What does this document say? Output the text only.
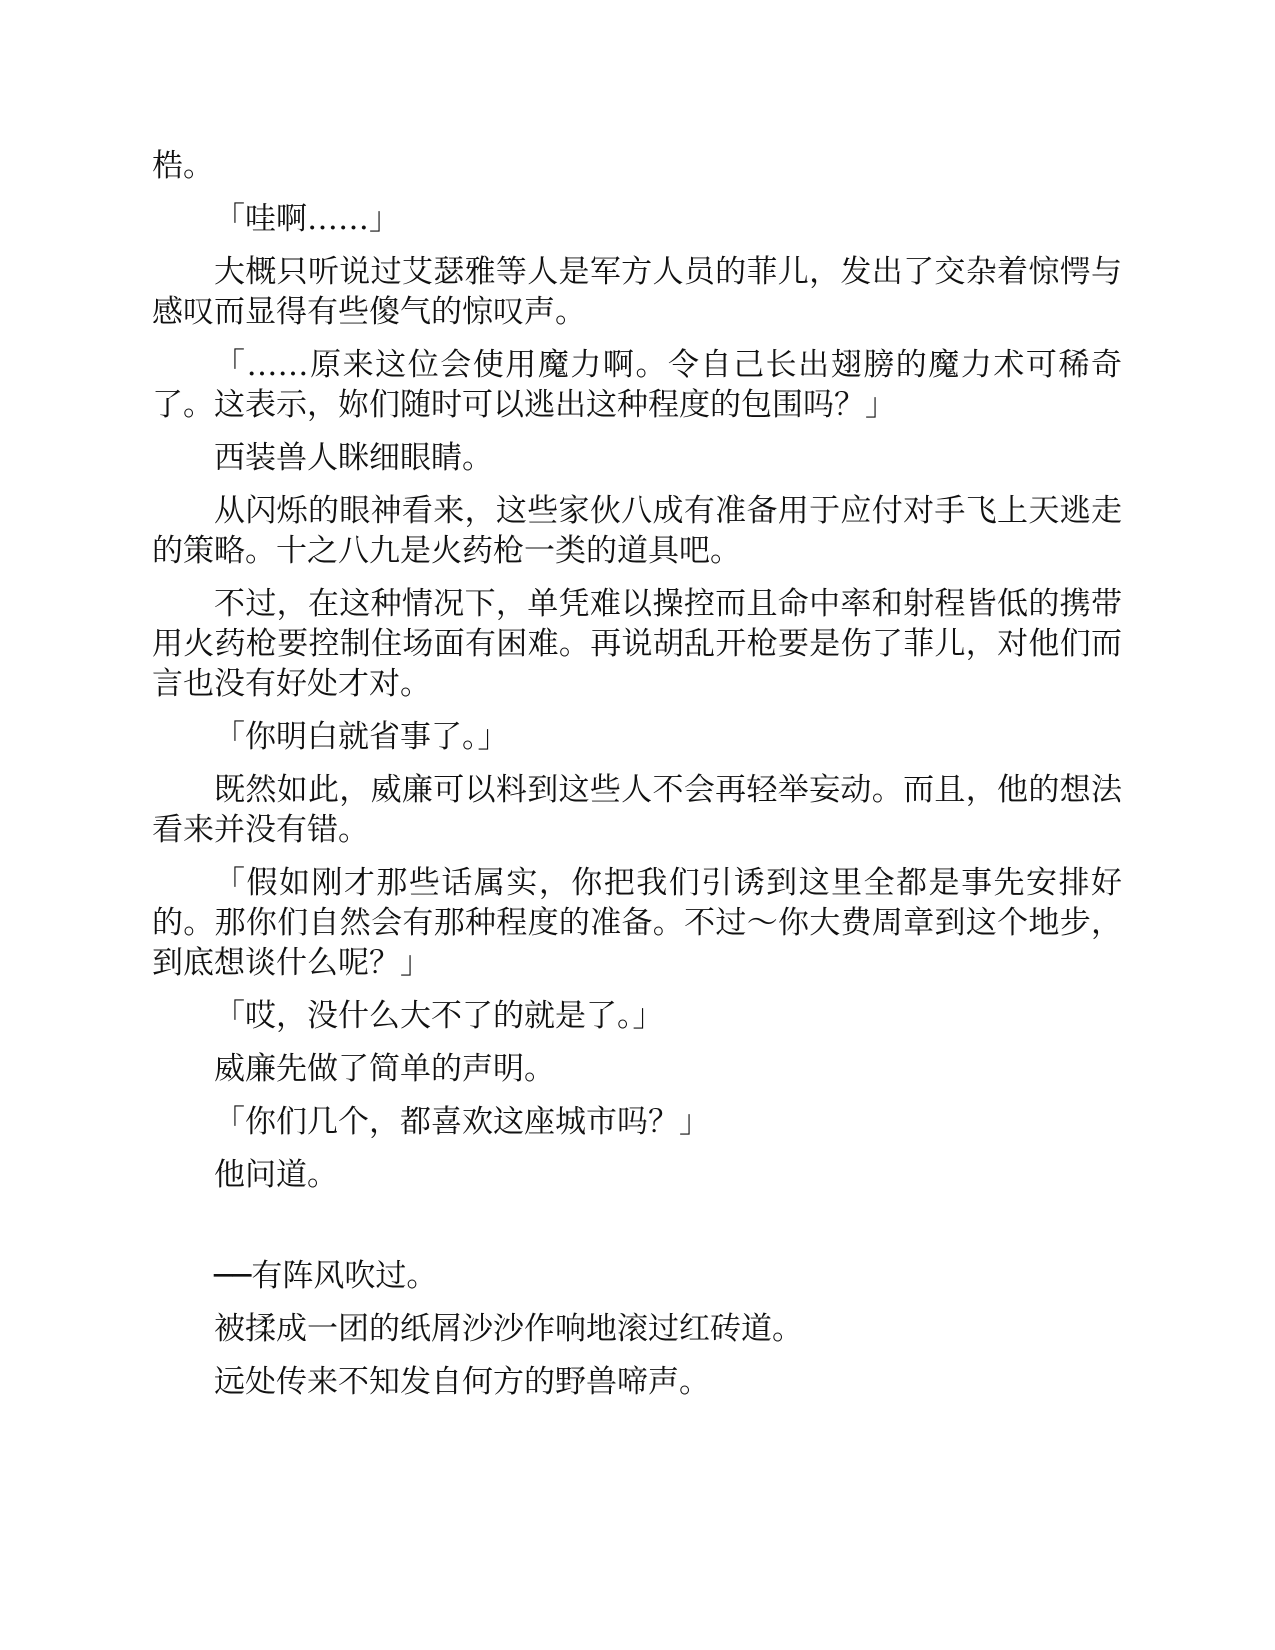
梏。

「哇啊……」

大概只听说过艾瑟雅等人是军方人员的菲儿，发出了交杂着惊愕与感叹而显得有些傻气的惊叹声。

「……原来这位会使用魔力啊。令自己长出翅膀的魔力术可稀奇了。这表示，妳们随时可以逃出这种程度的包围吗？」

西装兽人眯细眼睛。

从闪烁的眼神看来，这些家伙八成有准备用于应付对手飞上天逃走的策略。十之八九是火药枪一类的道具吧。

不过，在这种情况下，单凭难以操控而且命中率和射程皆低的携带用火药枪要控制住场面有困难。再说胡乱开枪要是伤了菲儿，对他们而言也没有好处才对。

「你明白就省事了。」

既然如此，威廉可以料到这些人不会再轻举妄动。而且，他的想法看来并没有错。

「假如刚才那些话属实，你把我们引诱到这里全都是事先安排好的。那你们自然会有那种程度的准备。不过～你大费周章到这个地步，到底想谈什么呢？」

「哎，没什么大不了的就是了。」

威廉先做了简单的声明。

「你们几个，都喜欢这座城市吗？」

他问道。

──有阵风吹过。

被揉成一团的纸屑沙沙作响地滚过红砖道。

远处传来不知发自何方的野兽啼声。
